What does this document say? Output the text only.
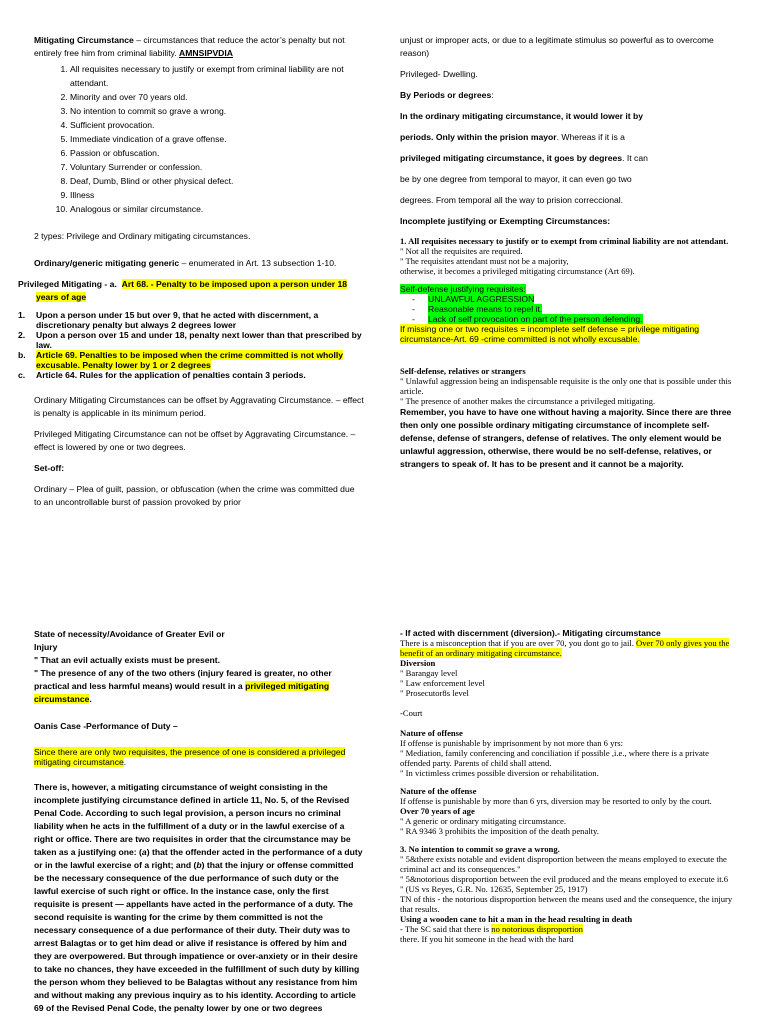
Mitigating Circumstance – circumstances that reduce the actor’s penalty but not entirely free him from criminal liability. AMNSIPVDIA

1. All requisites necessary to justify or exempt from criminal liability are not attendant.
2. Minority and over 70 years old.
3. No intention to commit so grave a wrong.
4. Sufficient provocation.
5. Immediate vindication of a grave offense.
6. Passion or obfuscation.
7. Voluntary Surrender or confession.
8. Deaf, Dumb, Blind or other physical defect.
9. Illness
10. Analogous or similar circumstance.

2 types: Privilege and Ordinary mitigating circumstances.

Ordinary/generic mitigating generic – enumerated in Art. 13 subsection 1-10.

Privileged Mitigating - a. Art 68. - Penalty to be imposed upon a person under 18 years of age

1.	Upon a person under 15 but over 9, that he acted with discernment, a discretionary penalty but always 2 degrees lower
2.	Upon a person over 15 and under 18, penalty next lower than that prescribed by law.
b.	Article 69. Penalties to be imposed when the crime committed is not wholly excusable. Penalty lower by 1 or 2 degrees
c.	Article 64. Rules for the application of penalties contain 3 periods.

Ordinary Mitigating Circumstances can be offset by Aggravating Circumstance. – effect is penalty is applicable in its minimum period.

Privileged Mitigating Circumstance can not be offset by Aggravating Circumstance. – effect is lowered by one or two degrees.

Set-off:

Ordinary – Plea of guilt, passion, or obfuscation (when the crime was committed due to an uncontrollable burst of passion provoked by prior

unjust or improper acts, or due to a legitimate stimulus so powerful as to overcome reason)

Privileged- Dwelling.

By Periods or degrees:

In the ordinary mitigating circumstance, it would lower it by

periods. Only within the prision mayor. Whereas if it is a

privileged mitigating circumstance, it goes by degrees. It can

be by one degree from temporal to mayor, it can even go two

degrees. From temporal all the way to prision correccional.

Incomplete justifying or Exempting Circumstances:

1. All requisites necessary to justify or to exempt from criminal liability are not attendant.

" Not all the requisites are required.

" The requisites attendant must not be a majority,

otherwise, it becomes a privileged mitigating circumstance (Art 69).

Self-defense justifying requisites:

-	UNLAWFUL AGGRESSION
-	Reasonable means to repel it.
-	Lack of self provocation on part of the person defending.

If missing one or two requisites = incomplete self defense = privilege mitigating circumstance-Art. 69 -crime committed is not wholly excusable.

Self-defense, relatives or strangers

" Unlawful aggression being an indispensable requisite is the only one that is possible under this article.

" The presence of another makes the circumstance a privileged mitigating.

Remember, you have to have one without having a majority. Since there are three then only one possible ordinary mitigating circumstance of incomplete self-defense, defense of strangers, defense of relatives. The only element would be unlawful aggression, otherwise, there would be no self-defense, relatives, or strangers to speak of. It has to be present and it cannot be a majority.

State of necessity/Avoidance of Greater Evil or Injury

" That an evil actually exists must be present.

" The presence of any of the two others (injury feared is greater, no other practical and less harmful means) would result in a privileged mitigating circumstance.

Oanis Case -Performance of Duty –

Since there are only two requisites, the presence of one is considered a privileged mitigating circumstance.

There is, however, a mitigating circumstance of weight consisting in the incomplete justifying circumstance defined in article 11, No. 5, of the Revised Penal Code. According to such legal provision, a person incurs no criminal liability when he acts in the fulfillment of a duty or in the lawful exercise of a right or office. There are two requisites in order that the circumstance may be taken as a justifying one: (a) that the offender acted in the performance of a duty or in the lawful exercise of a right; and (b) that the injury or offense committed be the necessary consequence of the due performance of such duty or the lawful exercise of such right or office. In the instance case, only the first requisite is present — appellants have acted in the performance of a duty. The second requisite is wanting for the crime by them committed is not the necessary consequence of a due performance of their duty. Their duty was to arrest Balagtas or to get him dead or alive if resistance is offered by him and they are overpowered. But through impatience or over-anxiety or in their desire to take no chances, they have exceeded in the fulfillment of such duty by killing the person whom they believed to be Balagtas without any resistance from him and without making any previous inquiry as to his identity. According to article 69 of the Revised Penal Code, the penalty lower by one or two degrees

- If acted with discernment (diversion).- Mitigating circumstance

There is a misconception that if you are over 70, you dont go to jail. Over 70 only gives you the benefit of an ordinary mitigating circumstance.

Diversion

" Barangay level

" Law enforcement level

" Prosecutor8s level

-Court

Nature of offense

If offense is punishable by imprisonment by not more than 6 yrs:

" Mediation, family conferencing and conciliation if possible ,i.e., where there is a private offended party. Parents of child shall attend.

" In victimless crimes possible diversion or rehabilitation.

Nature of the offense

If offense is punishable by more than 6 yrs, diversion may be resorted to only by the court.

Over 70 years of age

" A generic or ordinary mitigating circumstance.

" RA 9346 3 prohibits the imposition of the death penalty.

3. No intention to commit so grave a wrong.

" 5&there exists notable and evident disproportion between the means employed to execute the criminal act and its consequences."

" 5&notorious disproportion between the evil produced and the means employed to execute it.6

" (US vs Reyes, G.R. No. 12635, September 25, 1917)

TN of this - the notorious disproportion between the means used and the consequence, the injury that results.

Using a wooden cane to hit a man in the head resulting in death

- The SC said that there is no notorious disproportion

there. If you hit someone in the head with the hard
